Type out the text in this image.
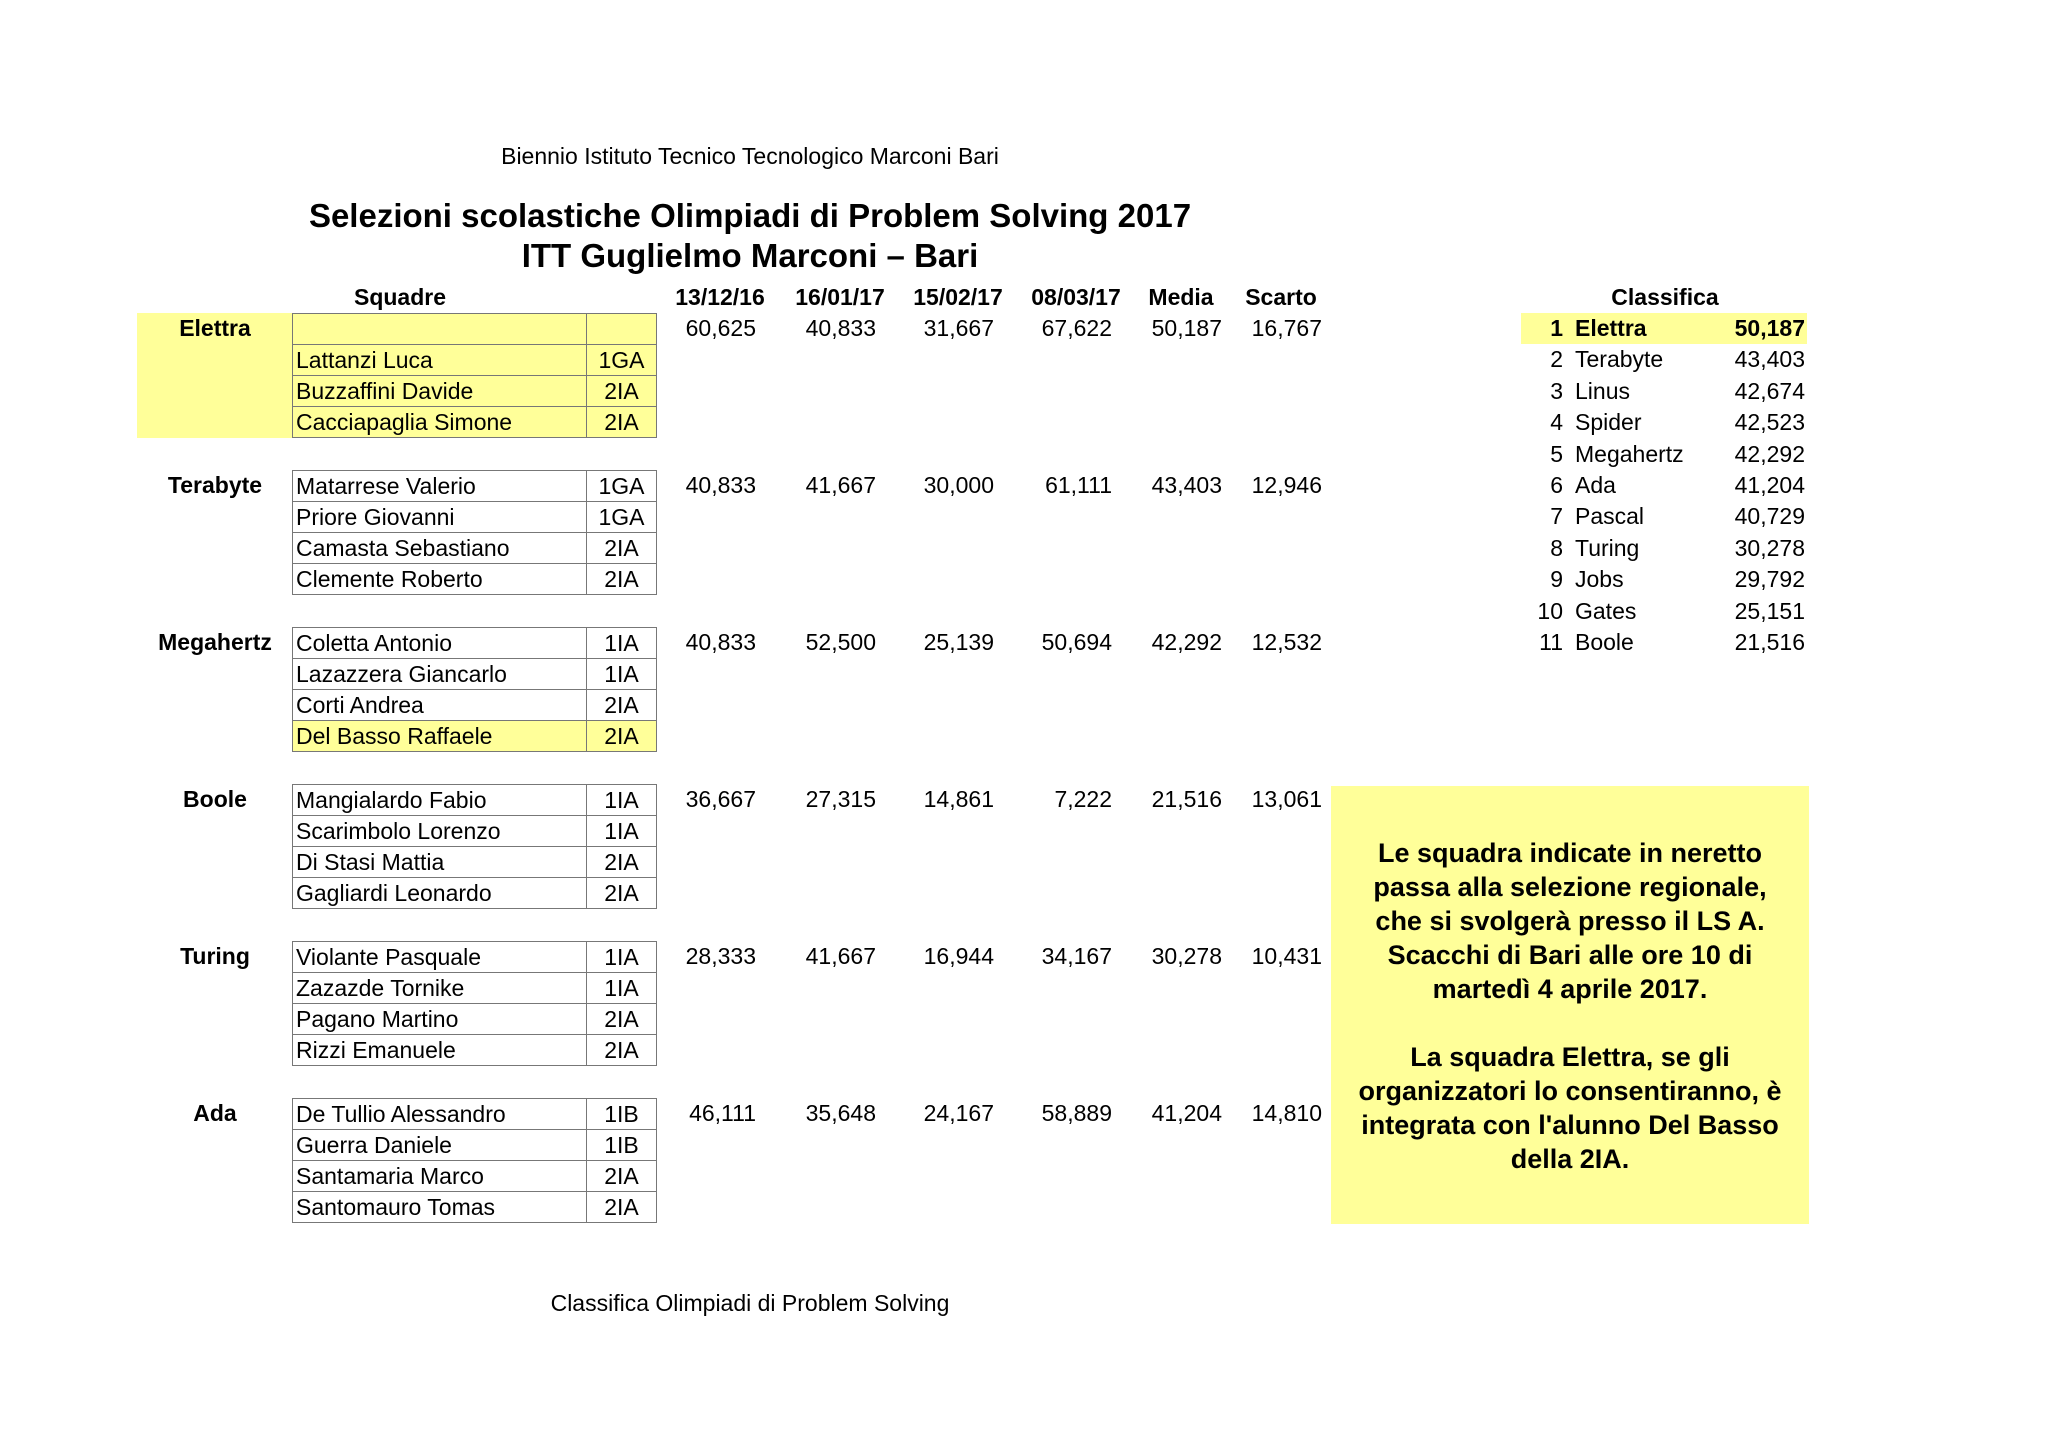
Biennio Istituto Tecnico Tecnologico Marconi Bari
Selezioni scolastiche Olimpiadi di Problem Solving 2017
ITT Guglielmo Marconi – Bari
Squadre	13/12/16	16/01/17	15/02/17	08/03/17	Media	Scarto	Classifica
Elettra	60,625	40,833	31,667	67,622	50,187	16,767

Lattanzi Luca	1GA
Buzzaffini Davide	2IA
Cacciapaglia Simone	2IA
Terabyte	40,833	41,667	30,000	61,111	43,403	12,946
Matarrese Valerio	1GA
Priore Giovanni	1GA
Camasta Sebastiano	2IA
Clemente Roberto	2IA
Megahertz	40,833	52,500	25,139	50,694	42,292	12,532
Coletta Antonio	1IA
Lazazzera Giancarlo	1IA
Corti Andrea	2IA
Del Basso Raffaele	2IA
Boole	36,667	27,315	14,861	7,222	21,516	13,061
Mangialardo Fabio	1IA
Scarimbolo Lorenzo	1IA
Di Stasi Mattia	2IA
Gagliardi Leonardo	2IA
Turing	28,333	41,667	16,944	34,167	30,278	10,431
Violante Pasquale	1IA
Zazazde Tornike	1IA
Pagano Martino	2IA
Rizzi Emanuele	2IA
Ada	46,111	35,648	24,167	58,889	41,204	14,810
De Tullio Alessandro	1IB
Guerra Daniele	1IB
Santamaria Marco	2IA
Santomauro Tomas	2IA
1 Elettra	50,187
2 Terabyte	43,403
3 Linus	42,674
4 Spider	42,523
5 Megahertz	42,292
6 Ada	41,204
7 Pascal	40,729
8 Turing	30,278
9 Jobs	29,792
10 Gates	25,151
11 Boole	21,516

Le squadra indicate in neretto
passa alla selezione regionale,
che si svolgerà presso il LS A.
Scacchi di Bari alle ore 10 di
martedì 4 aprile 2017.

La squadra Elettra, se gli
organizzatori lo consentiranno, è
integrata con l'alunno Del Basso
della 2IA.

Classifica Olimpiadi di Problem Solving
